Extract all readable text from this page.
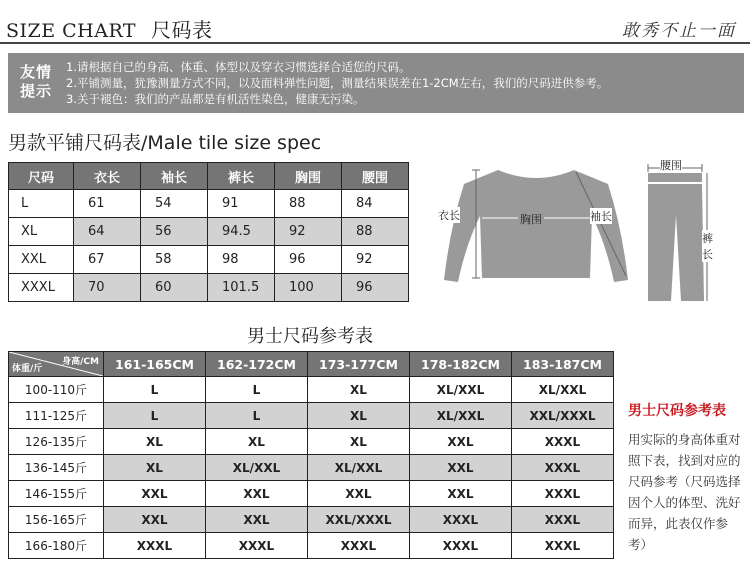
SIZE CHART 尺码表	敢秀不止一面
友情
提示
1.请根据自己的身高、体重、体型以及穿衣习惯选择合适您的尺码。
2.平铺测量，犹豫测量方式不同，以及面料弹性问题，测量结果误差在1-2CM左右，我们的尺码进供参考。
3.关于褪色：我们的产品都是有机活性染色，健康无污染。
男款平铺尺码表/Male tile size spec
尺码	衣长	袖长	裤长	胸围	腰围
L	61	54	91	88	84
XL	64	56	94.5	92	88
XXL	67	58	98	96	92
XXXL	70	60	101.5	100	96
衣长	胸围	袖长
腰围
裤长
男士尺码参考表
身高/CM
体重/斤	161-165CM	162-172CM	173-177CM	178-182CM	183-187CM
100-110斤	L	L	XL	XL/XXL	XL/XXL
111-125斤	L	L	XL	XL/XXL	XXL/XXXL
126-135斤	XL	XL	XL	XXL	XXXL
136-145斤	XL	XL/XXL	XL/XXL	XXL	XXXL
146-155斤	XXL	XXL	XXL	XXL	XXXL
156-165斤	XXL	XXL	XXL/XXXL	XXXL	XXXL
166-180斤	XXXL	XXXL	XXXL	XXXL	XXXL
男士尺码参考表
用实际的身高体重对照下表，找到对应的尺码参考（尺码选择因个人的体型、洗好而异，此表仅作参考）
